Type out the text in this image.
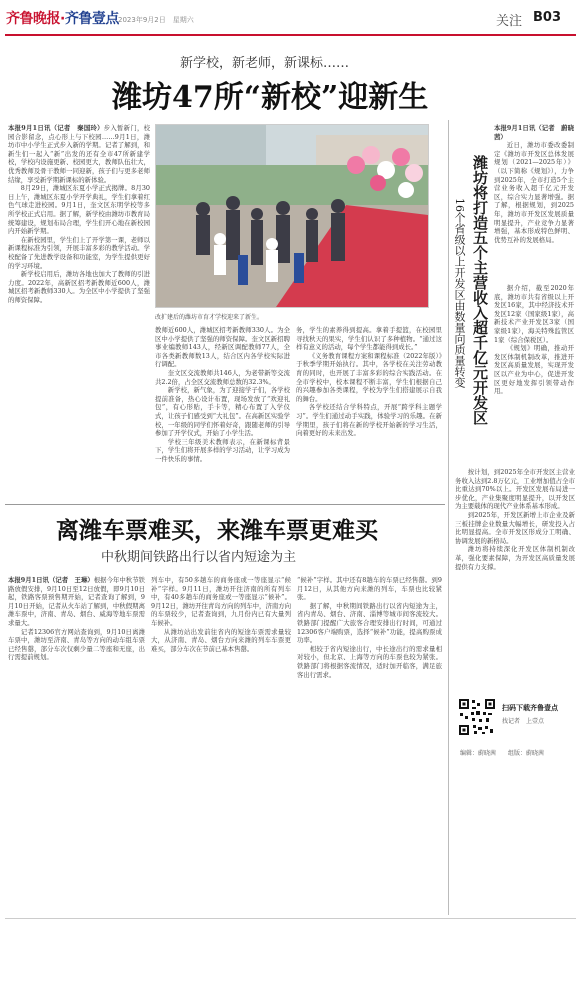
齐鲁晚报·齐鲁壹点 2023年9月2日　星期六	关注 B03
新学校，新老师，新课标……
潍坊47所“新校”迎新生

本报9月1日讯（记者　秦国玲）步入暂新门，校园合影留念，点心形上与下校园……9月1日，潍坊市中小学生正式步入新的学期。记者了解到，和新生们一起入“新”出发的还有全市47所新建学校，学校内设施更新、校园更大，教师队伍壮大，优秀教师及骨干教师一同迎新，孩子们与更多老师结缘，享受新学期新课标的新体验。

8月29日，潍城区东夏小学正式揭牌。8月30日上午，潍城区东夏小学开学典礼，学生们拿着红色气球走进校园。9月1日，奎文区东明学校等多所学校正式启用。据了解，新学校由潍坊市教育局统筹建设，规划布局合理，学生们开心地在新校园内开始新学期。

在新校园里，学生们上了开学第一课，老师以新课程标准为引领，开展丰富多彩的教学活动。学校配备了先进教学设备和功能室，为学生提供更好的学习环境。

新学校启用后，潍坊各地也加大了教师的引进力度。2022年，高新区招考新教师近600人，潍城区招考新教师330人。为全区中小学提供了坚强的师资保障。

改扩建后的潍坊市育才学校迎来了新生。

教师近600人，潍城区招考新教师330人。为全区中小学提供了坚强的师资保障。奎文区新招聘事业编教师143人，经新区调配教师77人，全市各类新教师数13人，结合区内各学校实际进行调配。

奎文区交流教师共146人，为老带新等交流共2.2倍，占全区交流教师总数的32.3%。

新学校，新气象，为了迎接学子们，各学校提前准备，热心设计布置，现场发放了“欢迎礼包”，有心形贴，手卡等，精心布置了入学仪式，让孩子们感受到“大礼包”。在高新区实验学校，一年级的同学们怀着好奇，跟随老师的引导参加了开学仪式，开始了小学生活。

学校三年级美术教师表示，在新课标背景下，学生们将开展多样的学习活动，让学习成为一件快乐的事情。

务，学生的素养得到提高。拿着手提篮，在校园里寻找秋天的果实，学生们认识了多种植物。“通过这样有意义的活动，每个学生都能得到成长。”

《义务教育课程方案和课程标准（2022年版）》于秋季学期开始执行。其中，各学校在关注劳动教育的同时，也开展了丰富多彩的综合实践活动。在全市学校中，校本课程不断丰富，学生们根据自己的兴趣参加各类课程，学校为学生们搭建展示自我的舞台。

各学校还结合学科特点，开展“跨学科主题学习”。学生们通过动手实践，体验学习的乐趣。在新学期里，孩子们将在新的学校开始新的学习生活，向着更好的未来出发。

潍坊将打造五个主营收入超千亿元开发区
16个省级以上开发区由数量向质量转变

本报9月1日讯（记者　蔚晓茜）

近日，潍坊市委改委制定《潍坊市开发区总体发展规划（2021—2025年）》（以下简称《规划》），力争到2025年，全市打造5个主营业务收入超千亿元开发区，综合实力显著增强。据了解，根据规划，到2025年，潍坊市开发区发展质量明显提升，产业竞争力显著增强，基本形成特色鲜明、优势互补的发展格局。

据介绍，截至2020年底，潍坊市共有省级以上开发区16家，其中经济技术开发区12家（国家级1家），高新技术产业开发区3家（国家级1家），海关特殊监管区1家（综合保税区）。

《规划》明确，推动开发区体制机制改革，推进开发区高质量发展，实现开发区以产业为中心，促进开发区更好地发挥引领带动作用。

按计划，到2025年全市开发区主营业务收入达到2.8万亿元，工业增加值占全市比重达到70%以上。开发区发展布局进一步优化，产业集聚度明显提升，以开发区为主要载体的现代产业体系基本形成。

到2025年，开发区新增上市企业及新三板挂牌企业数量大幅增长，研发投入占比明显提高。全市开发区形成分工明确、协调发展的新格局。

潍坊将持续深化开发区体制机制改革，强化要素保障，为开发区高质量发展提供有力支撑。

扫码下载齐鲁壹点
找记者　上壹点
编辑：蔚晓茜　　组版：蔚晓茜
离潍车票难买，来潍车票更难买
中秋期间铁路出行以省内短途为主

本报9月1日讯（记者　王琳）根据今年中秋节铁路放假安排，9月10日至12日放假，即9月10日起，铁路客票预售期开始，记者查询了解到，9月10日开始，记者从火车站了解到，中秋假期离潍车票中，济南、青岛、烟台、威海等地车票需求量大。

记者12306官方网站查询到，9月10日离潍车票中，潍坊至济南、青岛等方向的动车组车票已经售罄，部分车次仅剩少量二等座和无座，出行需提前规划。

列车中，有50多趟车的商务座或一等座显示“候补”字样。9月11日，潍坊开往济南的所有列车中，有40多趟车的商务座或一等座显示“候补”。9月12日，潍坊开往青岛方向的列车中，济南方向的车票较少，记者查询到，九月份内已有大量列车候补。

从潍坊站出发前往省内的短途车票需求量较大，从济南、青岛、烟台方向来潍的列车车票更难买，部分车次在节前已基本售罄。

“候补”字样。其中还有8趟车的车票已经售罄。到9月12日，从其他方向来潍的列车，车票也比较紧张。

据了解，中秋期间铁路出行以省内短途为主，省内青岛、烟台、济南、淄博等城市间客流较大。铁路部门提醒广大旅客合理安排出行时间，可通过12306客户端购票，选择“候补”功能，提高购票成功率。

相较于省内短途出行，中长途出行的需求量相对较小，但北京、上海等方向的车票也较为紧张。铁路部门将根据客流情况，适时加开临客，满足旅客出行需求。
